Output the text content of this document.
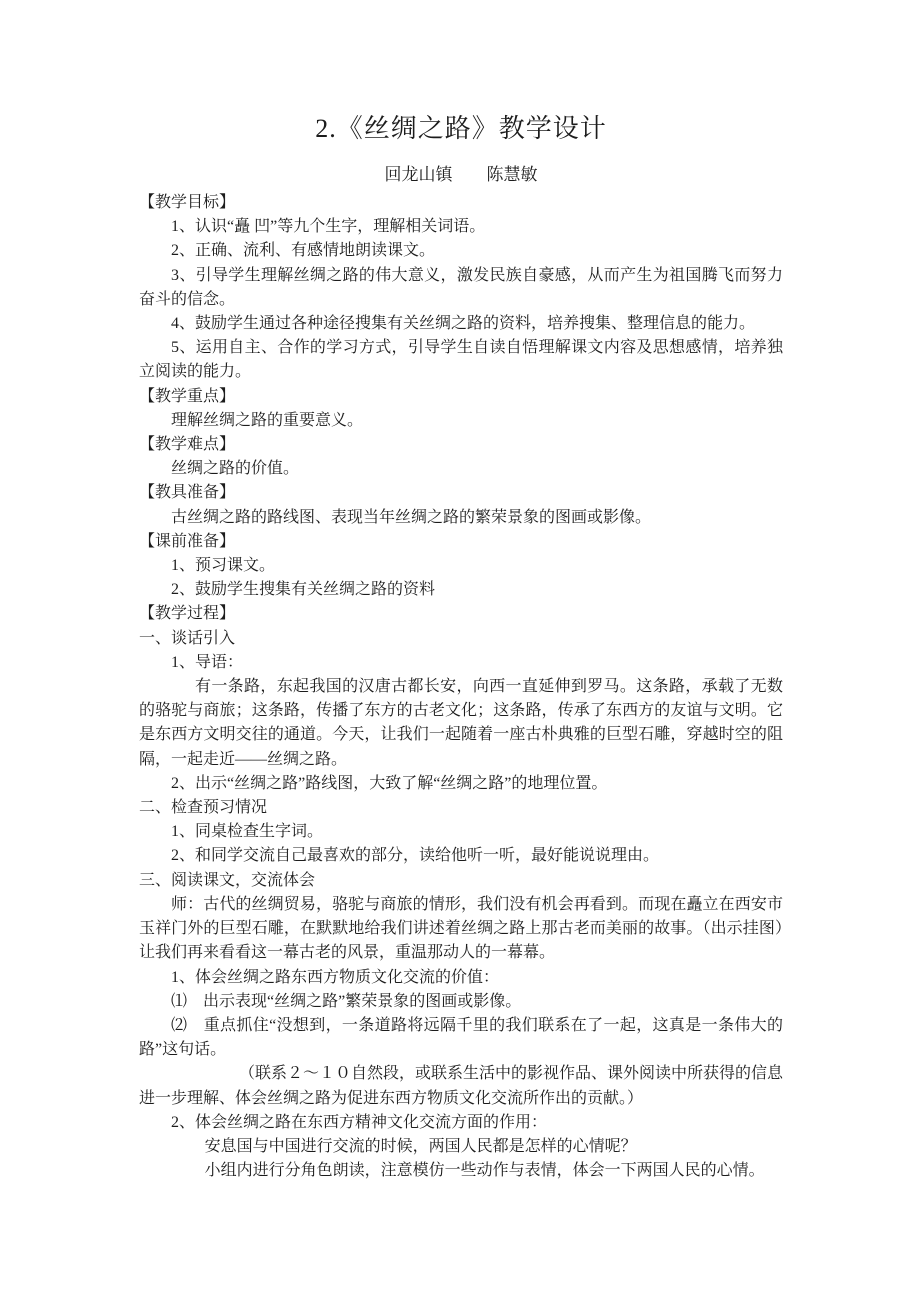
2.《丝绸之路》教学设计
回龙山镇　　陈慧敏

【教学目标】

1、认识“矗 凹”等九个生字，理解相关词语。

2、正确、流利、有感情地朗读课文。

3、引导学生理解丝绸之路的伟大意义，激发民族自豪感，从而产生为祖国腾飞而努力奋斗的信念。

4、鼓励学生通过各种途径搜集有关丝绸之路的资料，培养搜集、整理信息的能力。

5、运用自主、合作的学习方式，引导学生自读自悟理解课文内容及思想感情，培养独立阅读的能力。

【教学重点】

理解丝绸之路的重要意义。

【教学难点】

丝绸之路的价值。

【教具准备】

古丝绸之路的路线图、表现当年丝绸之路的繁荣景象的图画或影像。

【课前准备】

1、预习课文。

2、鼓励学生搜集有关丝绸之路的资料

【教学过程】

一、谈话引入

1、导语：

有一条路，东起我国的汉唐古都长安，向西一直延伸到罗马。这条路，承载了无数的骆驼与商旅；这条路，传播了东方的古老文化；这条路，传承了东西方的友谊与文明。它是东西方文明交往的通道。今天，让我们一起随着一座古朴典雅的巨型石雕，穿越时空的阻隔，一起走近——丝绸之路。

2、出示“丝绸之路”路线图，大致了解“丝绸之路”的地理位置。

二、检查预习情况

1、同桌检查生字词。

2、和同学交流自己最喜欢的部分，读给他听一听，最好能说说理由。

三、阅读课文，交流体会

师：古代的丝绸贸易，骆驼与商旅的情形，我们没有机会再看到。而现在矗立在西安市玉祥门外的巨型石雕，在默默地给我们讲述着丝绸之路上那古老而美丽的故事。（出示挂图）让我们再来看看这一幕古老的风景，重温那动人的一幕幕。

1、体会丝绸之路东西方物质文化交流的价值：

⑴　出示表现“丝绸之路”繁荣景象的图画或影像。

⑵　重点抓住“没想到，一条道路将远隔千里的我们联系在了一起，这真是一条伟大的路”这句话。

（联系２～１０自然段，或联系生活中的影视作品、课外阅读中所获得的信息进一步理解、体会丝绸之路为促进东西方物质文化交流所作出的贡献。）

2、体会丝绸之路在东西方精神文化交流方面的作用：

安息国与中国进行交流的时候，两国人民都是怎样的心情呢？

小组内进行分角色朗读，注意模仿一些动作与表情，体会一下两国人民的心情。
